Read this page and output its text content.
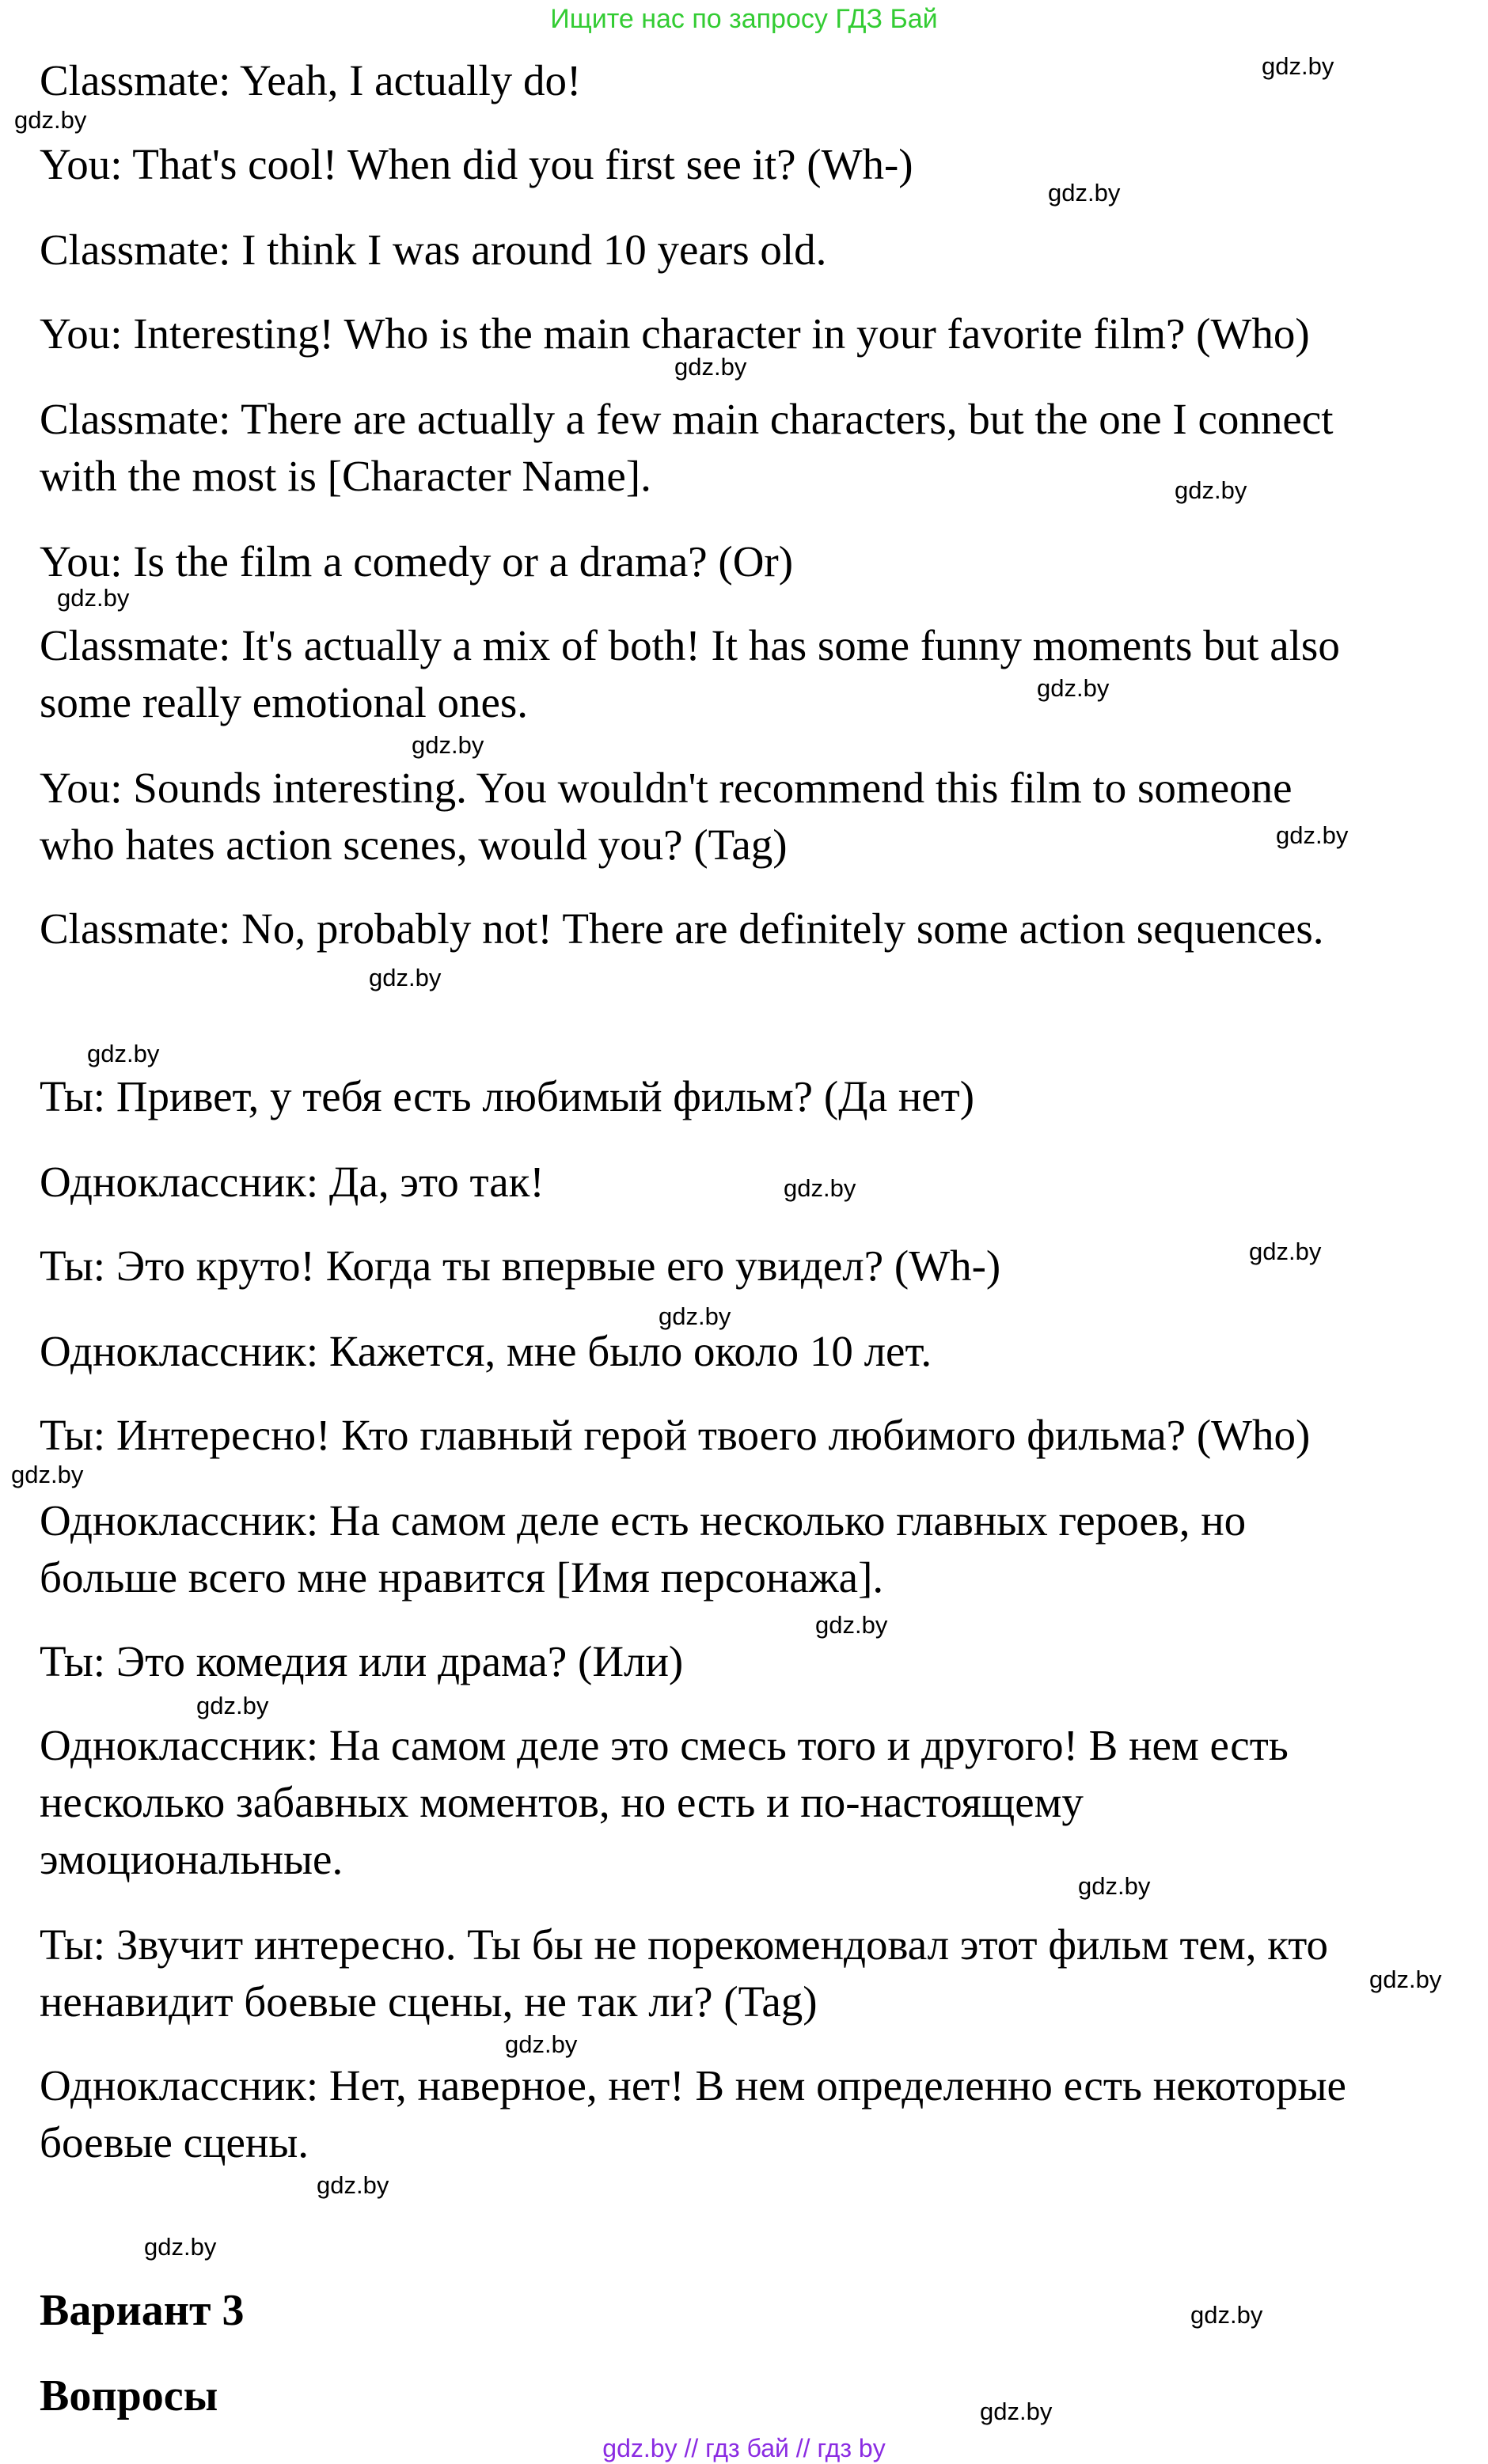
Ищите нас по запросу ГДЗ Бай
Classmate: Yeah, I actually do!
You: That's cool! When did you first see it? (Wh-)
Classmate: I think I was around 10 years old.
You: Interesting! Who is the main character in your favorite film? (Who)
Classmate: There are actually a few main characters, but the one I connect
with the most is [Character Name].
You: Is the film a comedy or a drama? (Or)
Classmate: It's actually a mix of both! It has some funny moments but also
some really emotional ones.
You: Sounds interesting. You wouldn't recommend this film to someone
who hates action scenes, would you? (Tag)
Classmate: No, probably not! There are definitely some action sequences.
Ты: Привет, у тебя есть любимый фильм? (Да нет)
Одноклассник: Да, это так!
Ты: Это круто! Когда ты впервые его увидел? (Wh-)
Одноклассник: Кажется, мне было около 10 лет.
Ты: Интересно! Кто главный герой твоего любимого фильма? (Who)
Одноклассник: На самом деле есть несколько главных героев, но
больше всего мне нравится [Имя персонажа].
Ты: Это комедия или драма? (Или)
Одноклассник: На самом деле это смесь того и другого! В нем есть
несколько забавных моментов, но есть и по-настоящему
эмоциональные.
Ты: Звучит интересно. Ты бы не порекомендовал этот фильм тем, кто
ненавидит боевые сцены, не так ли? (Tag)
Одноклассник: Нет, наверное, нет! В нем определенно есть некоторые
боевые сцены.
Вариант 3
Вопросы
gdz.by
gdz.by
gdz.by
gdz.by
gdz.by
gdz.by
gdz.by
gdz.by
gdz.by
gdz.by
gdz.by
gdz.by
gdz.by
gdz.by
gdz.by
gdz.by
gdz.by
gdz.by
gdz.by
gdz.by
gdz.by
gdz.by
gdz.by
gdz.by
gdz.by // гдз бай // гдз by
